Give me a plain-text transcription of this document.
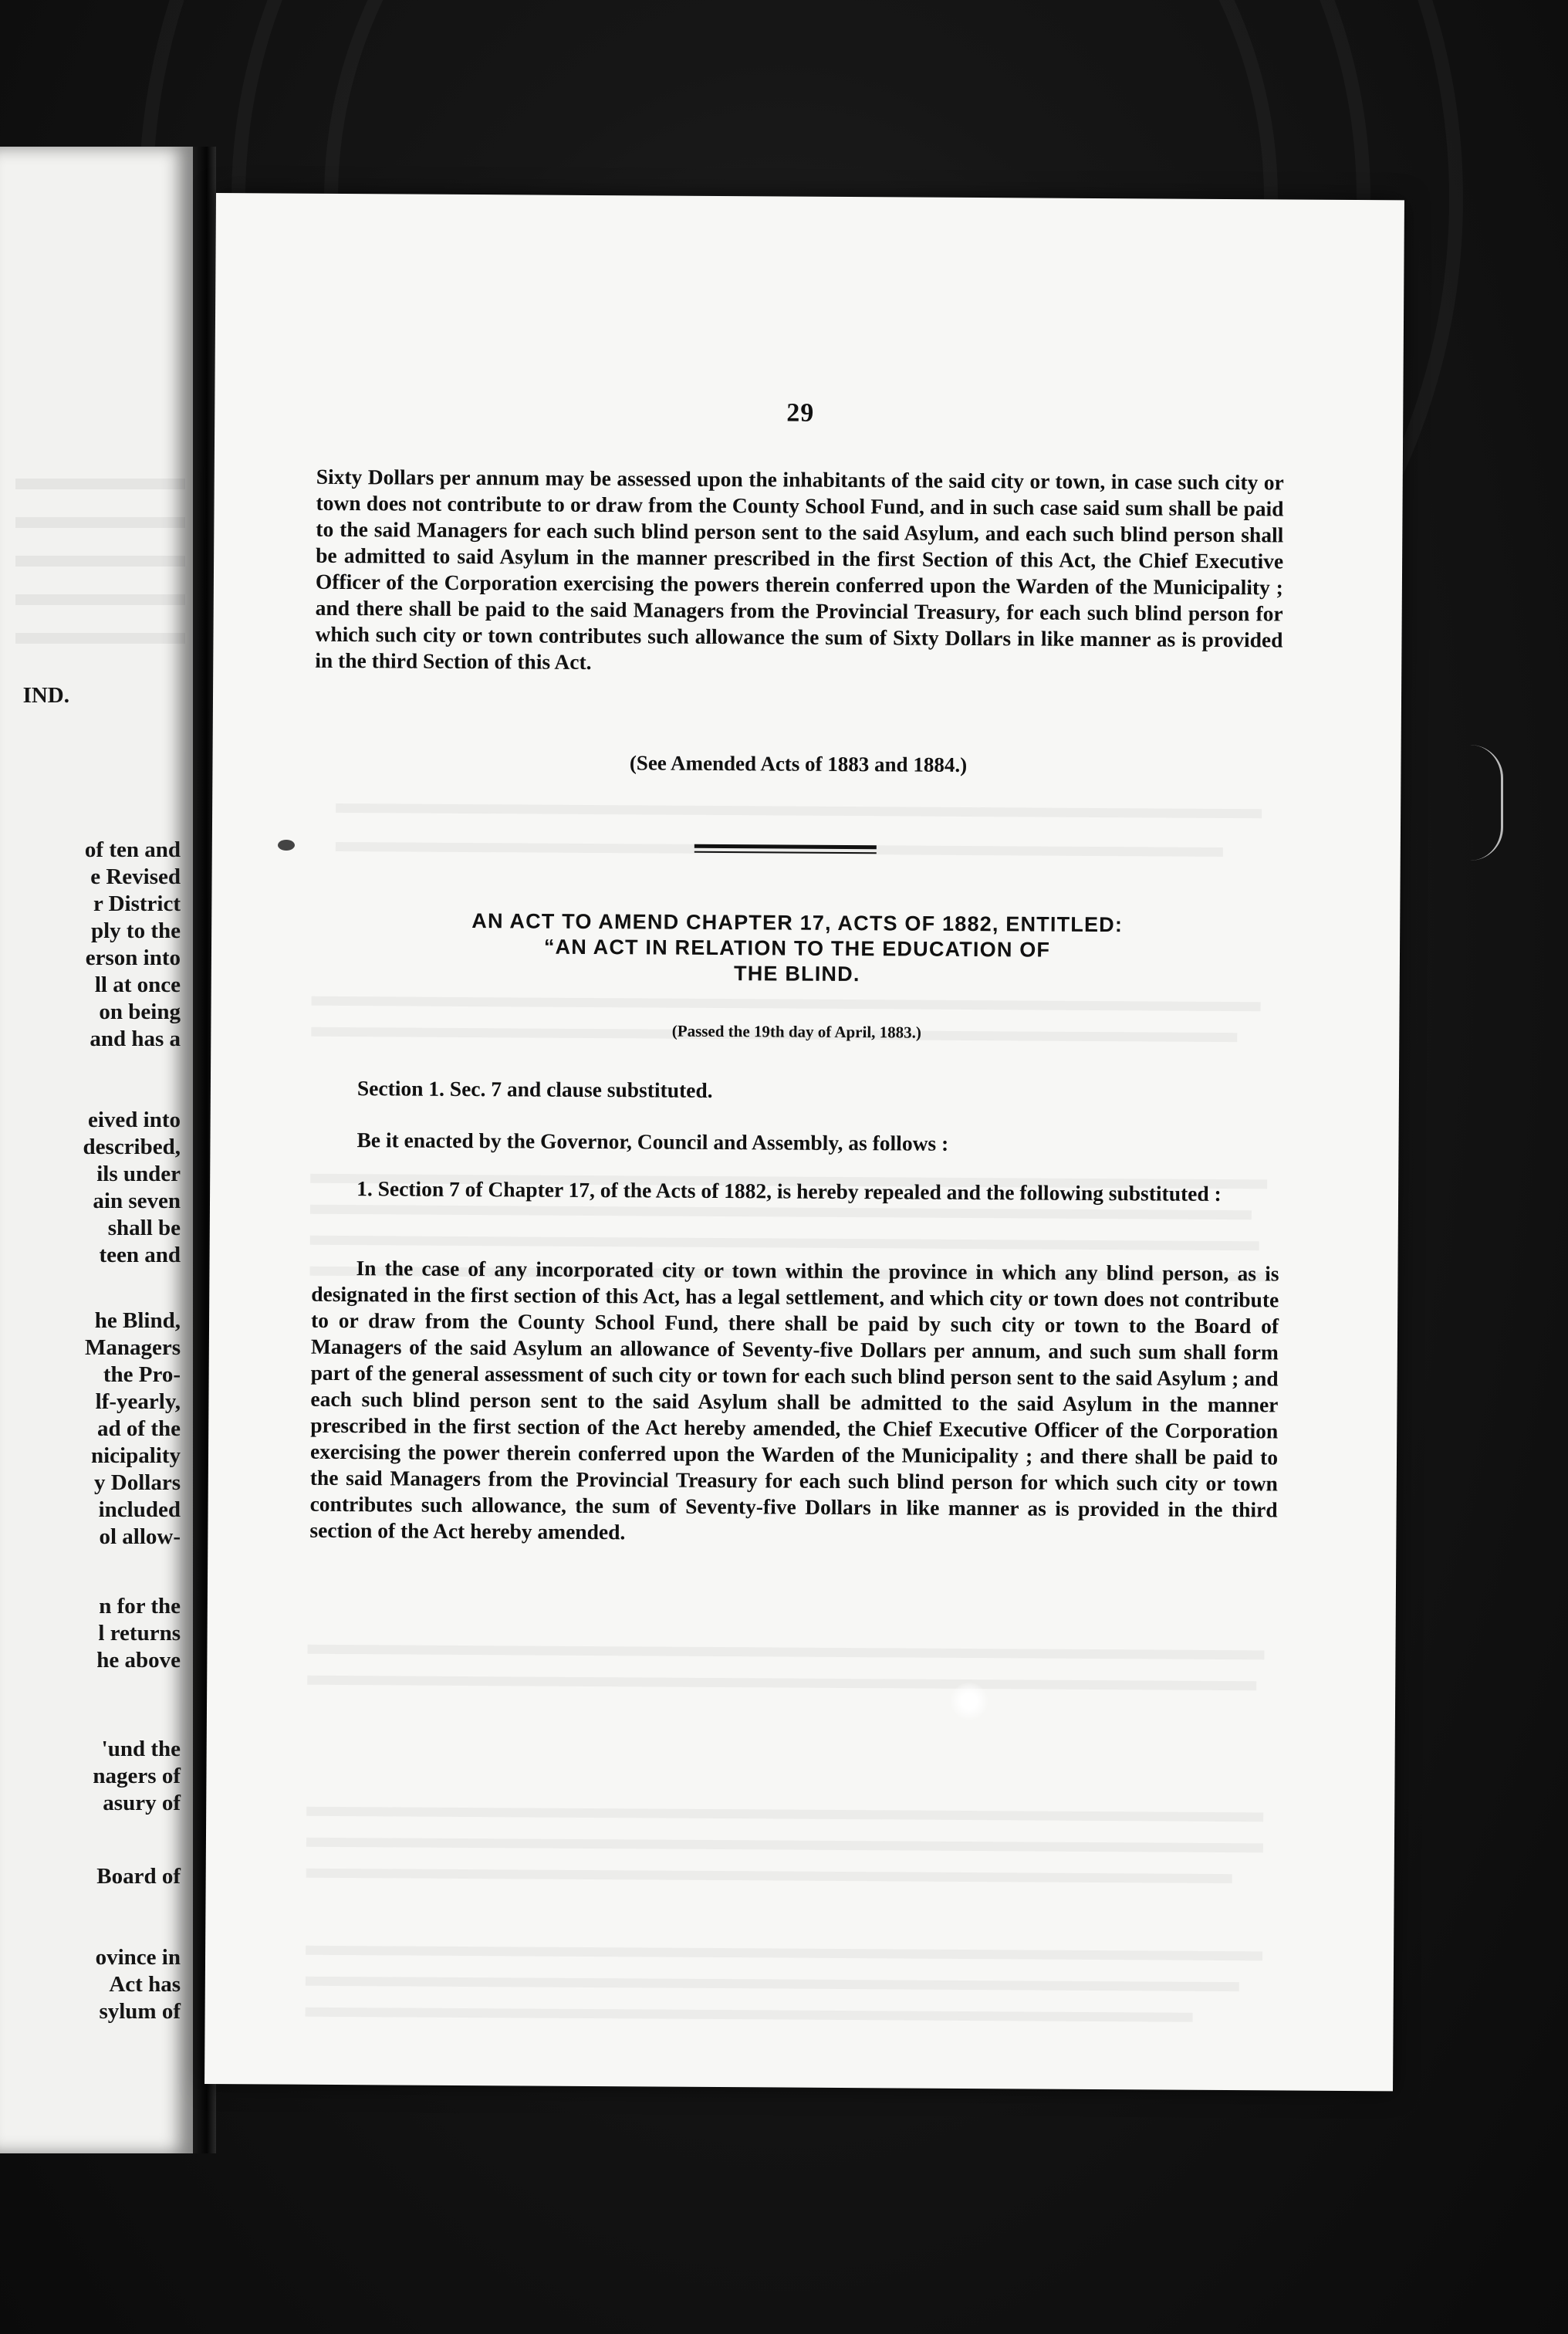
IND.
of ten and
e Revised
r District
ply to the
erson into
ll at once
on being
and has a
eived into
described,
ils under
ain seven
shall be
teen and
he Blind,
Managers
the Pro-
lf-yearly,
ad of the
nicipality
y Dollars
included
ol allow-
n for the
l returns
he above
'und the
nagers of
asury of
Board of
ovince in
Act has
sylum of
29

Sixty Dollars per annum may be assessed upon the inhabitants of the said city or town, in case such city or town does not contribute to or draw from the County School Fund, and in such case said sum shall be paid to the said Managers for each such blind person sent to the said Asylum, and each such blind person shall be admitted to said Asylum in the manner prescribed in the first Section of this Act, the Chief Executive Officer of the Corporation exercising the powers therein conferred upon the Warden of the Municipality ; and there shall be paid to the said Managers from the Provincial Treasury, for each such blind person for which such city or town contributes such allowance the sum of Sixty Dollars in like manner as is provided in the third Section of this Act.

(See Amended Acts of 1883 and 1884.)
AN ACT TO AMEND CHAPTER 17, ACTS OF 1882, ENTITLED:
“AN ACT IN RELATION TO THE EDUCATION OF
THE BLIND.
(Passed the 19th day of April, 1883.)
Section 1. Sec. 7 and clause substituted.
Be it enacted by the Governor, Council and Assembly, as follows :

1. Section 7 of Chapter 17, of the Acts of 1882, is hereby repealed and the following substituted :

In the case of any incorporated city or town within the province in which any blind person, as is designated in the first section of this Act, has a legal settlement, and which city or town does not contribute to or draw from the County School Fund, there shall be paid by such city or town to the Board of Managers of the said Asylum an allowance of Seventy-five Dollars per annum, and such sum shall form part of the general assessment of such city or town for each such blind person sent to the said Asylum ; and each such blind person sent to the said Asylum shall be admitted to the said Asylum in the manner prescribed in the first section of the Act hereby amended, the Chief Executive Officer of the Corporation exercising the power therein conferred upon the Warden of the Municipality ; and there shall be paid to the said Managers from the Provincial Treasury for each such blind person for which such city or town contributes such allowance, the sum of Seventy-five Dollars in like manner as is provided in the third section of the Act hereby amended.
